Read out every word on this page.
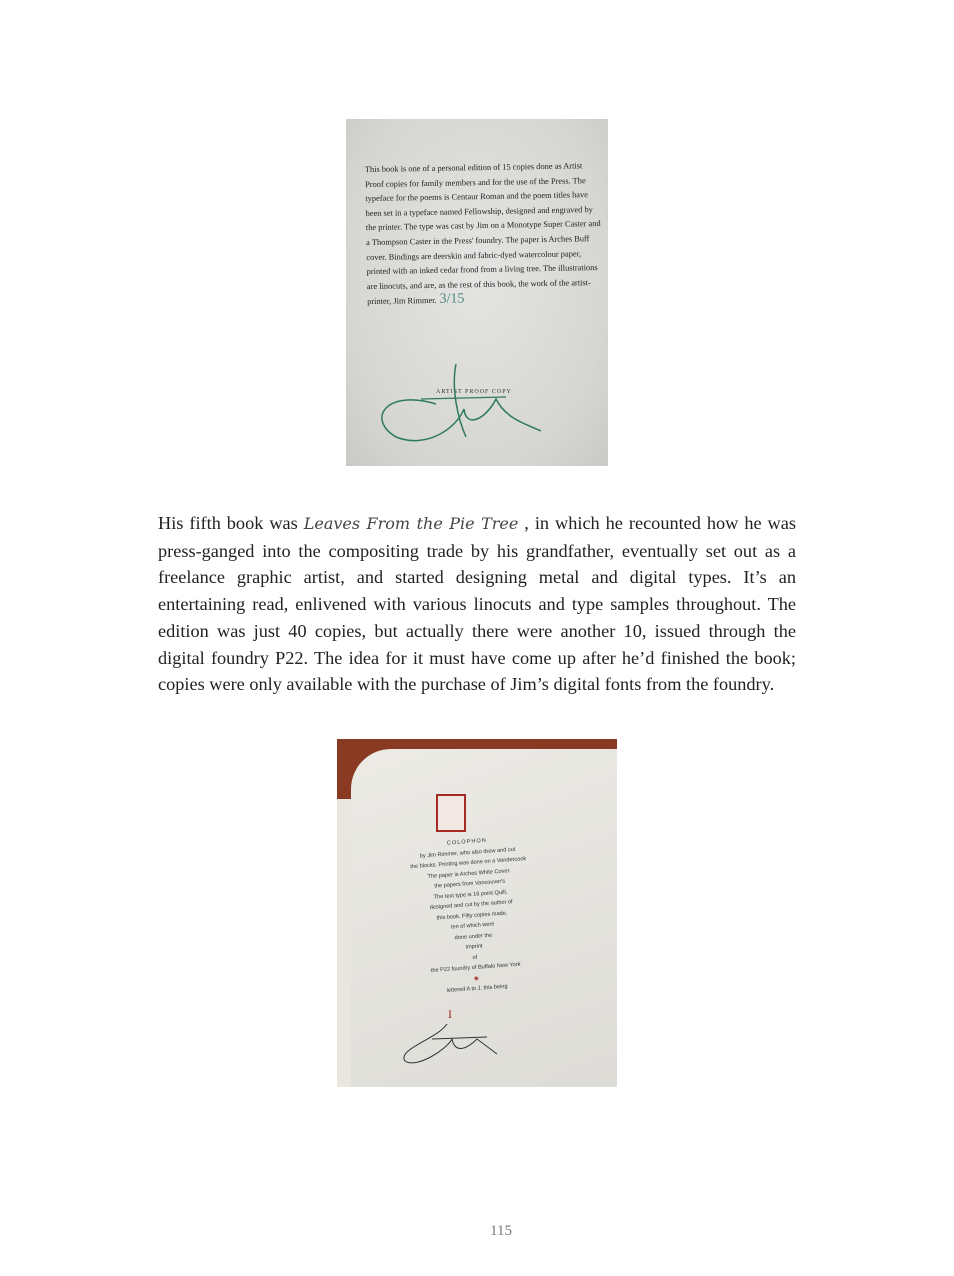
This book is one of a personal edition of 15 copies done as Artist Proof copies for family members and for the use of the Press. The typeface for the poems is Centaur Roman and the poem titles have been set in a typeface named Fellowship, designed and engraved by the printer. The type was cast by Jim on a Monotype Super Caster and a Thompson Caster in the Press' foundry. The paper is Arches Buff cover. Bindings are deerskin and fabric-dyed watercolour paper, printed with an inked cedar frond from a living tree. The illustrations are linocuts, and are, as the rest of this book, the work of the artist-printer, Jim Rimmer. 3/15
ARTIST PROOF COPY
His fifth book was Leaves From the Pie Tree , in which he recounted how he was press-ganged into the compositing trade by his grandfather, eventually set out as a freelance graphic artist, and started designing metal and digital types. It’s an entertaining read, enlivened with various linocuts and type samples throughout. The edition was just 40 copies, but actually there were another 10, issued through the digital foundry P22. The idea for it must have come up after he’d finished the book; copies were only available with the purchase of Jim’s digital fonts from the foundry.
COLOPHON
by Jim Rimmer, who also drew and cut
the blocks. Printing was done on a Vandercook
The paper is Arches White Cover.
the papers from Vancouver's
The text type is 16 point Quill,
designed and cut by the author of
this book. Fifty copies made,
ten of which were
done under the
imprint
of
the P22 foundry of Buffalo New York
◉
lettered A to J, this being
I
115
